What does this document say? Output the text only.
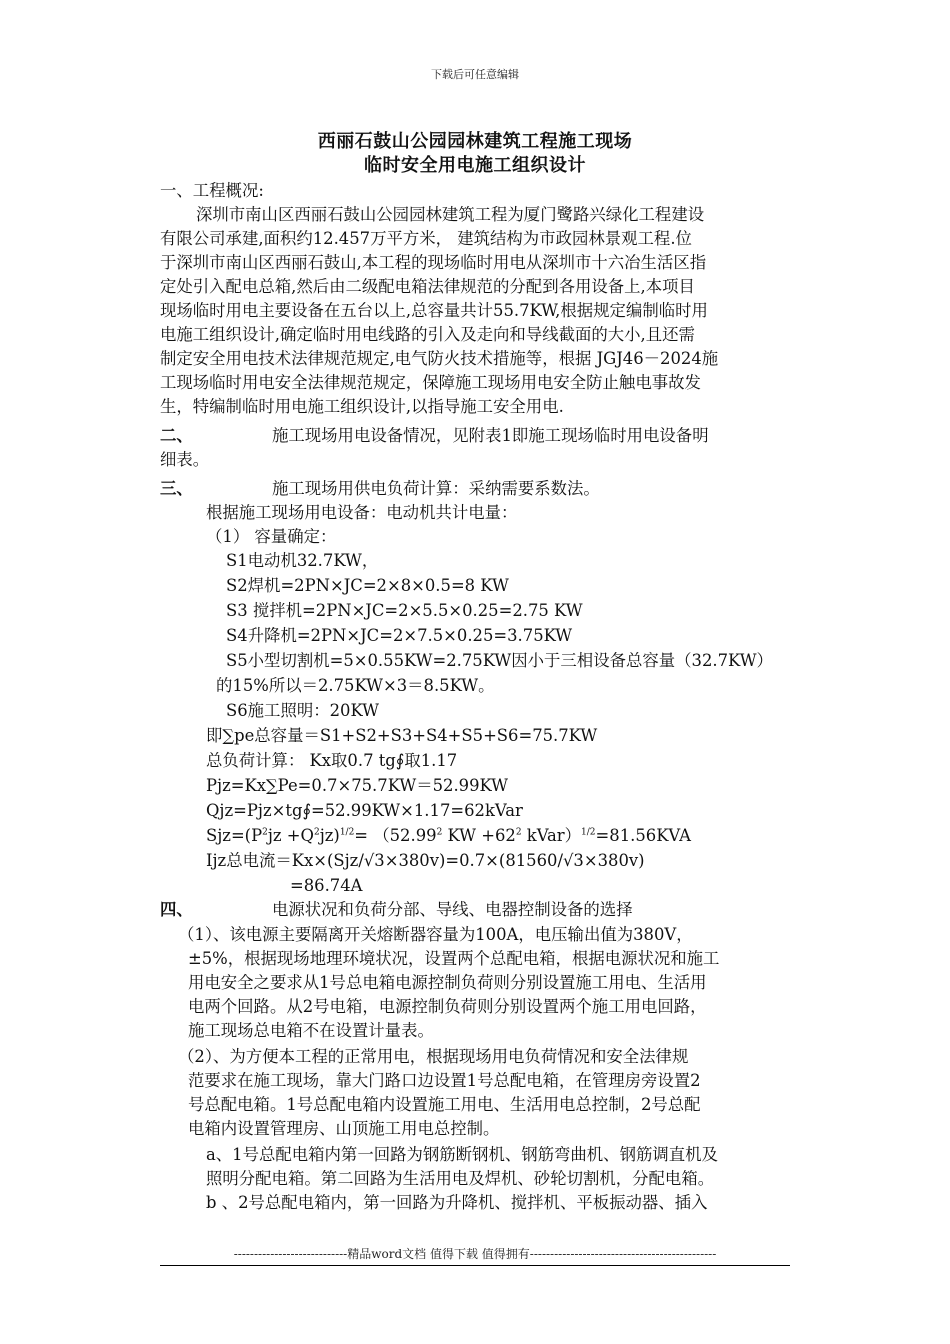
下载后可任意编辑
西丽石鼓山公园园林建筑工程施工现场
临时安全用电施工组织设计
一、工程概况:
深圳市南山区西丽石鼓山公园园林建筑工程为厦门鹭路兴绿化工程建设
有限公司承建,面积约12.457万平方米， 建筑结构为市政园林景观工程.位
于深圳市南山区西丽石鼓山,本工程的现场临时用电从深圳市十六冶生活区指
定处引入配电总箱,然后由二级配电箱法律规范的分配到各用设备上,本项目
现场临时用电主要设备在五台以上,总容量共计55.7KW,根据规定编制临时用
电施工组织设计,确定临时用电线路的引入及走向和导线截面的大小,且还需
制定安全用电技术法律规范规定,电气防火技术措施等，根据 JGJ46－2024施
工现场临时用电安全法律规范规定，保障施工现场用电安全防止触电事故发
生，特编制临时用电施工组织设计,以指导施工安全用电.
二、	施工现场用电设备情况，见附表1即施工现场临时用电设备明
细表。
三、	施工现场用供电负荷计算：采纳需要系数法。
根据施工现场用电设备：电动机共计电量：
（1） 容量确定：
S1电动机32.7KW，
S2焊机=2PN×JC=2×8×0.5=8 KW
S3 搅拌机=2PN×JC=2×5.5×0.25=2.75 KW
S4升降机=2PN×JC=2×7.5×0.25=3.75KW
S5小型切割机=5×0.55KW=2.75KW因小于三相设备总容量（32.7KW）
的15%所以＝2.75KW×3＝8.5KW。
S6施工照明：20KW
即∑pe总容量＝S1+S2+S3+S4+S5+S6=75.7KW
总负荷计算： Kx取0.7 tg∮取1.17
Pjz=Kx∑Pe=0.7×75.7KW＝52.99KW
Qjz=Pjz×tg∮=52.99KW×1.17=62kVar
Ijz总电流＝Kx×(Sjz/√3×380v)=0.7×(81560/√3×380v)
=86.74A
四、	电源状况和负荷分部、导线、电器控制设备的选择
（1）、该电源主要隔离开关熔断器容量为100A，电压输出值为380V，
±5%，根据现场地理环境状况，设置两个总配电箱，根据电源状况和施工
用电安全之要求从1号总电箱电源控制负荷则分别设置施工用电、生活用
电两个回路。从2号电箱，电源控制负荷则分别设置两个施工用电回路，
施工现场总电箱不在设置计量表。
（2）、为方便本工程的正常用电，根据现场用电负荷情况和安全法律规
范要求在施工现场，靠大门路口边设置1号总配电箱，在管理房旁设置2
号总配电箱。1号总配电箱内设置施工用电、生活用电总控制，2号总配
电箱内设置管理房、山顶施工用电总控制。
a、1号总配电箱内第一回路为钢筋断钢机、钢筋弯曲机、钢筋调直机及
照明分配电箱。第二回路为生活用电及焊机、砂轮切割机，分配电箱。
b 、2号总配电箱内，第一回路为升降机、搅拌机、平板振动器、插入
$Sjz=(P^2jz +Q^2jz)^{1/2}= (52.99^2$ KW $+62^2$ kVar）$^{1/2}$=81.56KVA
----------------------------精品word文档 值得下载 值得拥有----------------------------------------------
